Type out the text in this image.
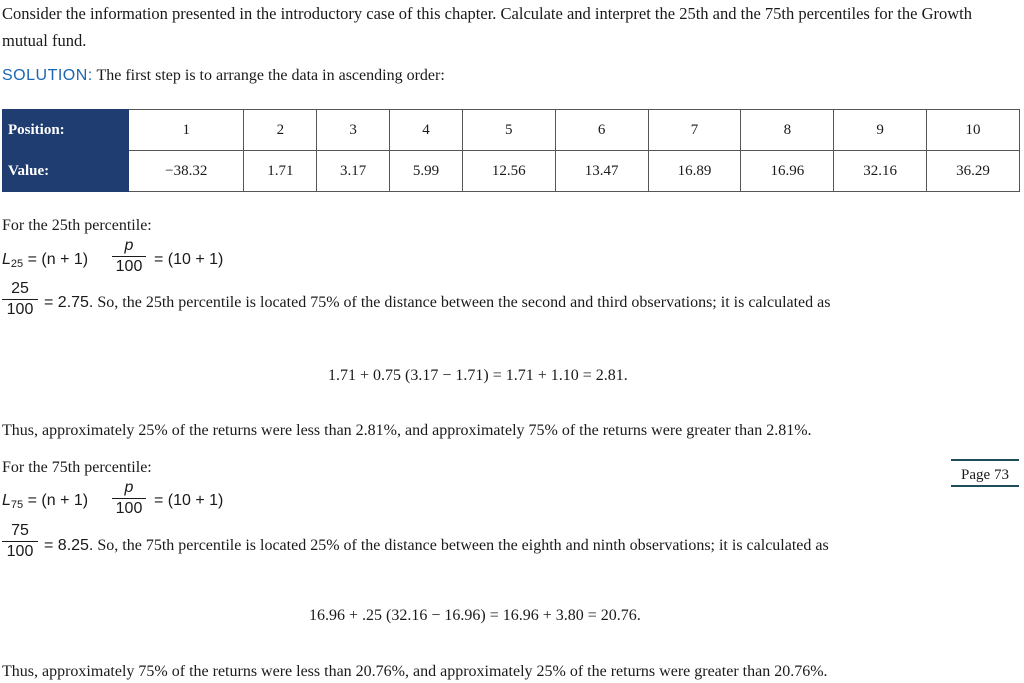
Consider the information presented in the introductory case of this chapter. Calculate and interpret the 25th and the 75th percentiles for the Growth mutual fund.
SOLUTION: The first step is to arrange the data in ascending order:
Position:	1	2	3	4	5	6	7	8	9	10
Value:	−38.32	1.71	3.17	5.99	12.56	13.47	16.89	16.96	32.16	36.29
For the 25th percentile:
$L_{25} = (n + 1)$
p
100 = (10 + 1)
25
100 = 2.75. So, the 25th percentile is located 75% of the distance between the second and third observations; it is calculated as
1.71 + 0.75 (3.17 − 1.71) = 1.71 + 1.10 = 2.81.
Thus, approximately 25% of the returns were less than 2.81%, and approximately 75% of the returns were greater than 2.81%.
Page 73
For the 75th percentile:
$L_{75} = (n + 1)$
p
100 = (10 + 1)
75
100 = 8.25. So, the 75th percentile is located 25% of the distance between the eighth and ninth observations; it is calculated as
16.96 + .25 (32.16 − 16.96) = 16.96 + 3.80 = 20.76.
Thus, approximately 75% of the returns were less than 20.76%, and approximately 25% of the returns were greater than 20.76%.
